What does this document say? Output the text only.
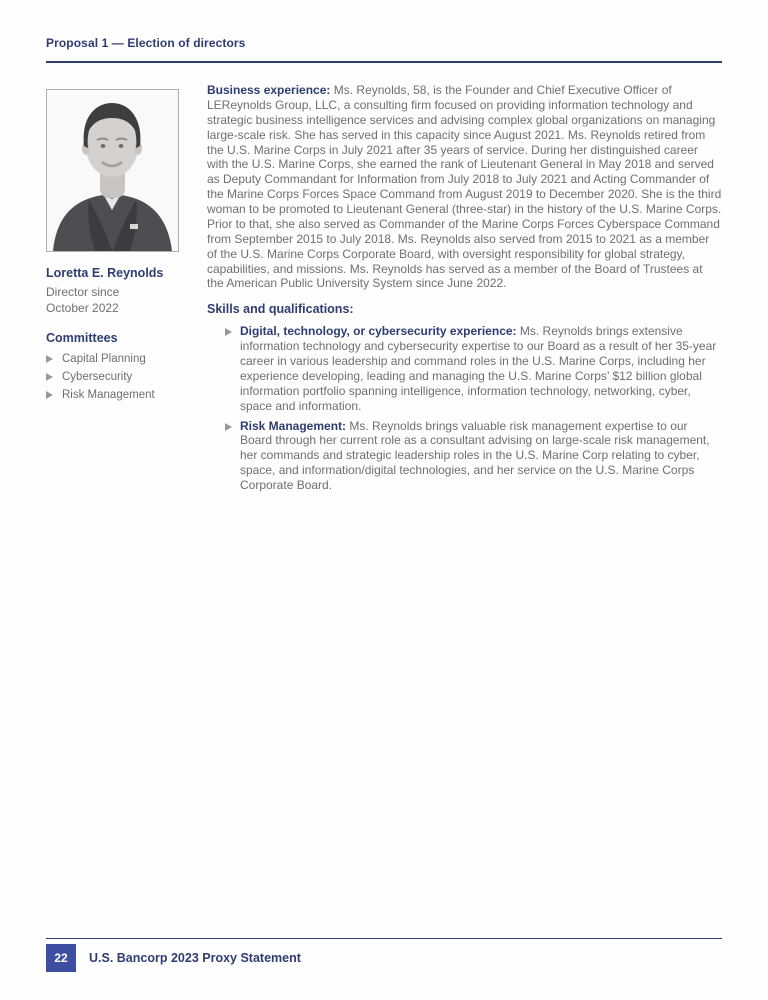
Proposal 1 — Election of directors
Loretta E. Reynolds
Director since
October 2022
Committees
Capital Planning
Cybersecurity
Risk Management

Business experience: Ms. Reynolds, 58, is the Founder and Chief Executive Officer of LEReynolds Group, LLC, a consulting firm focused on providing information technology and strategic business intelligence services and advising complex global organizations on managing large-scale risk. She has served in this capacity since August 2021. Ms. Reynolds retired from the U.S. Marine Corps in July 2021 after 35 years of service. During her distinguished career with the U.S. Marine Corps, she earned the rank of Lieutenant General in May 2018 and served as Deputy Commandant for Information from July 2018 to July 2021 and Acting Commander of the Marine Corps Forces Space Command from August 2019 to December 2020. She is the third woman to be promoted to Lieutenant General (three-star) in the history of the U.S. Marine Corps. Prior to that, she also served as Commander of the Marine Corps Forces Cyberspace Command from September 2015 to July 2018. Ms. Reynolds also served from 2015 to 2021 as a member of the U.S. Marine Corps Corporate Board, with oversight responsibility for global strategy, capabilities, and missions. Ms. Reynolds has served as a member of the Board of Trustees at the American Public University System since June 2022.

Skills and qualifications:
Digital, technology, or cybersecurity experience: Ms. Reynolds brings extensive information technology and cybersecurity expertise to our Board as a result of her 35-year career in various leadership and command roles in the U.S. Marine Corps, including her experience developing, leading and managing the U.S. Marine Corps’ $12 billion global information portfolio spanning intelligence, information technology, networking, cyber, space and information.
Risk Management: Ms. Reynolds brings valuable risk management expertise to our Board through her current role as a consultant advising on large-scale risk management, her commands and strategic leadership roles in the U.S. Marine Corp relating to cyber, space, and information/digital technologies, and her service on the U.S. Marine Corps Corporate Board.
22	U.S. Bancorp 2023 Proxy Statement
